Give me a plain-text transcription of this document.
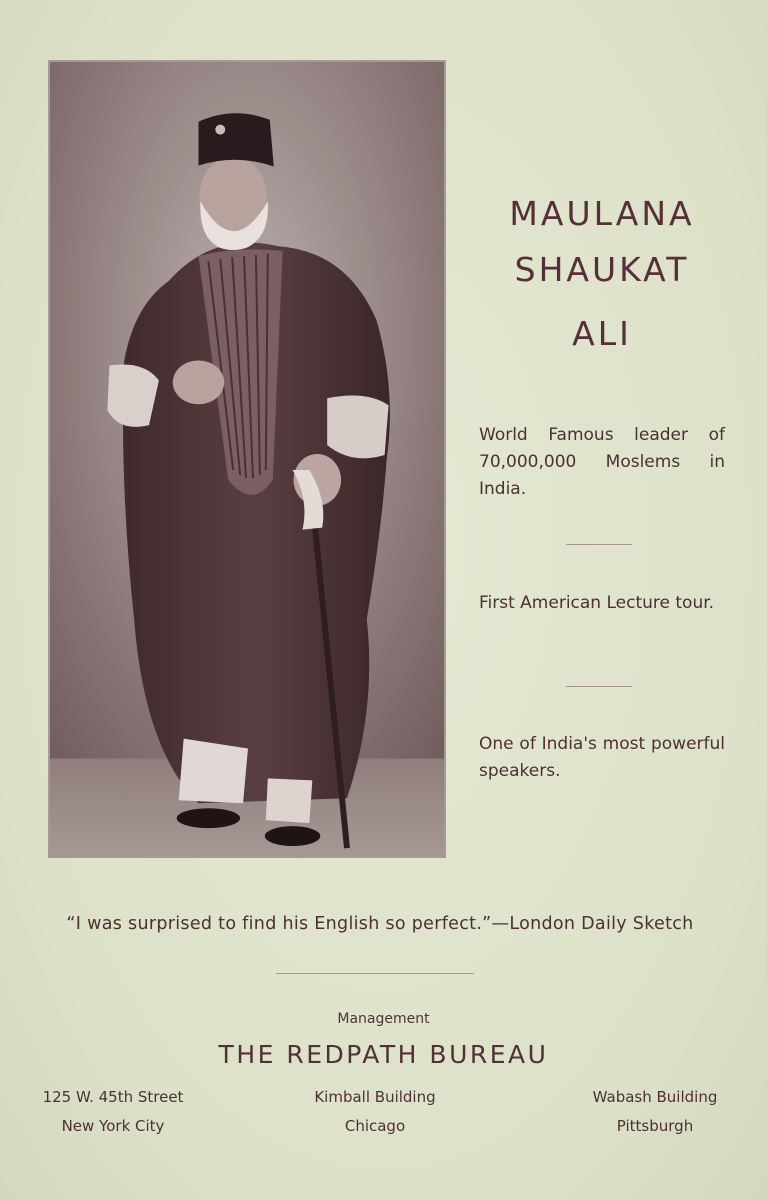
MAULANA
SHAUKAT
ALI
World Famous leader of 70,000,000 Moslems in India.
First American Lecture tour.
One of India's most powerful speakers.
“I was surprised to find his English so perfect.”—London Daily Sketch
Management
THE REDPATH BUREAU
125 W. 45th Street
New York City
Kimball Building
Chicago
Wabash Building
Pittsburgh
